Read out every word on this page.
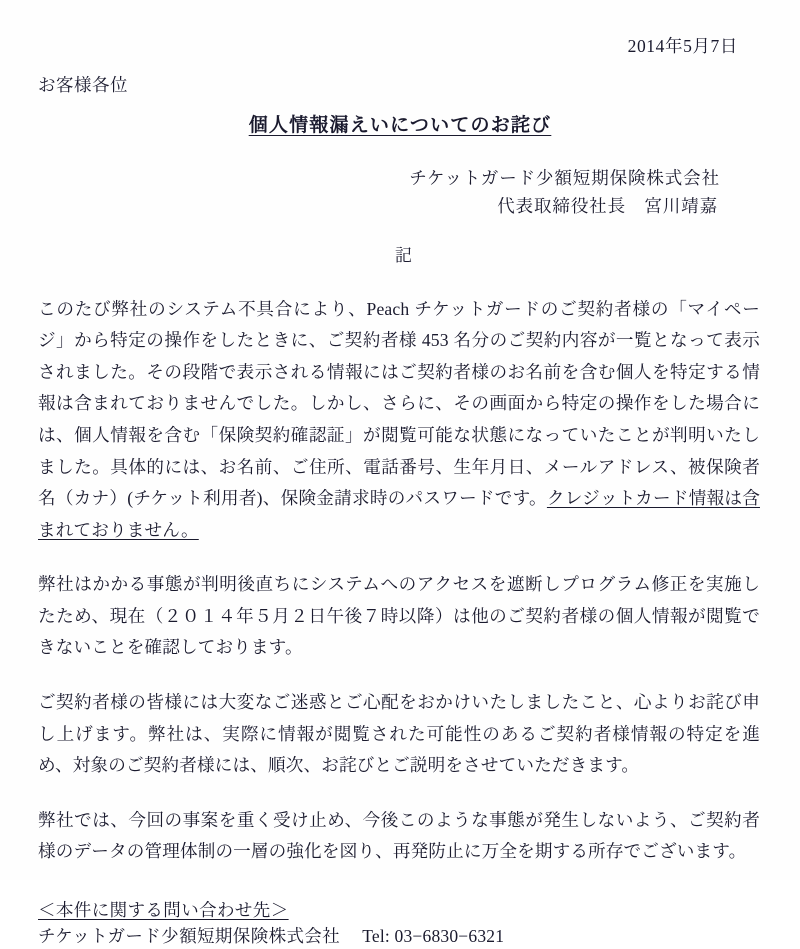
2014年5月7日
お客様各位
個人情報漏えいについてのお詫び
チケットガード少額短期保険株式会社
代表取締役社長　宮川靖嘉
記

このたび弊社のシステム不具合により、Peach チケットガードのご契約者様の「マイページ」から特定の操作をしたときに、ご契約者様 453 名分のご契約内容が一覧となって表示されました。その段階で表示される情報にはご契約者様のお名前を含む個人を特定する情報は含まれておりませんでした。しかし、さらに、その画面から特定の操作をした場合には、個人情報を含む「保険契約確認証」が閲覧可能な状態になっていたことが判明いたしました。具体的には、お名前、ご住所、電話番号、生年月日、メールアドレス、被保険者名（カナ）(チケット利用者)、保険金請求時のパスワードです。クレジットカード情報は含まれておりません。

弊社はかかる事態が判明後直ちにシステムへのアクセスを遮断しプログラム修正を実施したため、現在（２０１４年５月２日午後７時以降）は他のご契約者様の個人情報が閲覧できないことを確認しております。

ご契約者様の皆様には大変なご迷惑とご心配をおかけいたしましたこと、心よりお詫び申し上げます。弊社は、実際に情報が閲覧された可能性のあるご契約者様情報の特定を進め、対象のご契約者様には、順次、お詫びとご説明をさせていただきます。

弊社では、今回の事案を重く受け止め、今後このような事態が発生しないよう、ご契約者様のデータの管理体制の一層の強化を図り、再発防止に万全を期する所存でございます。

＜本件に関する問い合わせ先＞
チケットガード少額短期保険株式会社 Tel: 03−6830−6321
